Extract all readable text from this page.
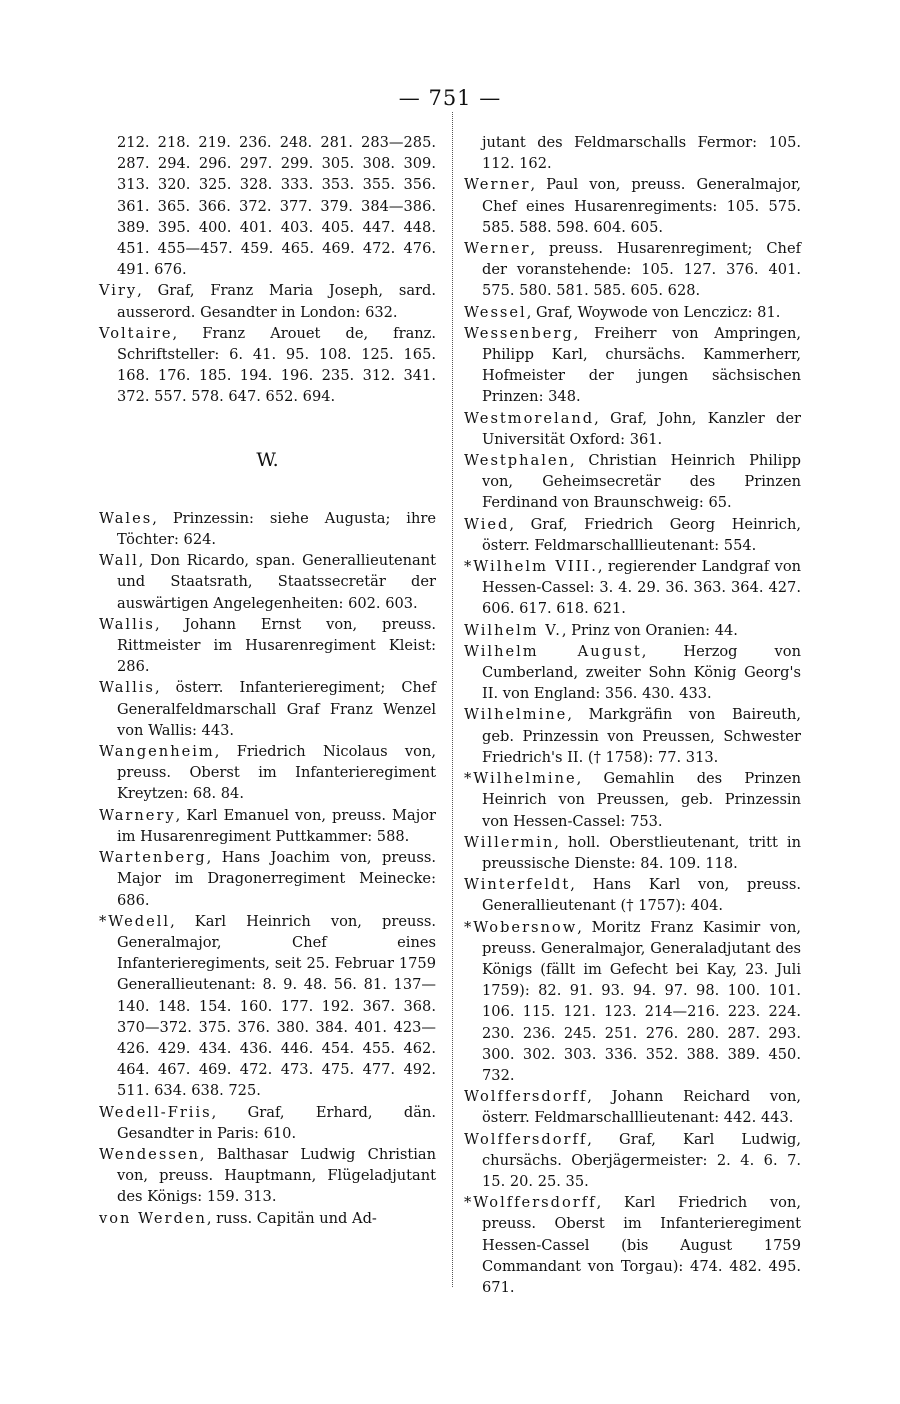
— 751 —
212. 218. 219. 236. 248. 281. 283—285. 287. 294. 296. 297. 299. 305. 308. 309. 313. 320. 325. 328. 333. 353. 355. 356. 361. 365. 366. 372. 377. 379. 384—386. 389. 395. 400. 401. 403. 405. 447. 448. 451. 455—457. 459. 465. 469. 472. 476. 491. 676.
Viry, Graf, Franz Maria Joseph, sard. ausserord. Gesandter in London: 632.
Voltaire, Franz Arouet de, franz. Schriftsteller: 6. 41. 95. 108. 125. 165. 168. 176. 185. 194. 196. 235. 312. 341. 372. 557. 578. 647. 652. 694.
W.
Wales, Prinzessin: siehe Augusta; ihre Töchter: 624.
Wall, Don Ricardo, span. Generallieutenant und Staatsrath, Staatssecretär der auswärtigen Angelegenheiten: 602. 603.
Wallis, Johann Ernst von, preuss. Rittmeister im Husarenregiment Kleist: 286.
Wallis, österr. Infanterieregiment; Chef Generalfeldmarschall Graf Franz Wenzel von Wallis: 443.
Wangenheim, Friedrich Nicolaus von, preuss. Oberst im Infanterieregiment Kreytzen: 68. 84.
Warnery, Karl Emanuel von, preuss. Major im Husarenregiment Puttkammer: 588.
Wartenberg, Hans Joachim von, preuss. Major im Dragonerregiment Meinecke: 686.
*Wedell, Karl Heinrich von, preuss. Generalmajor, Chef eines Infanterieregiments, seit 25. Februar 1759 Generallieutenant: 8. 9. 48. 56. 81. 137—140. 148. 154. 160. 177. 192. 367. 368. 370—372. 375. 376. 380. 384. 401. 423—426. 429. 434. 436. 446. 454. 455. 462. 464. 467. 469. 472. 473. 475. 477. 492. 511. 634. 638. 725.
Wedell-Friis, Graf, Erhard, dän. Gesandter in Paris: 610.
Wendessen, Balthasar Ludwig Christian von, preuss. Hauptmann, Flügeladjutant des Königs: 159. 313.
von Werden, russ. Capitän und Ad-
jutant des Feldmarschalls Fermor: 105. 112. 162.
Werner, Paul von, preuss. Generalmajor, Chef eines Husarenregiments: 105. 575. 585. 588. 598. 604. 605.
Werner, preuss. Husarenregiment; Chef der voranstehende: 105. 127. 376. 401. 575. 580. 581. 585. 605. 628.
Wessel, Graf, Woywode von Lenczicz: 81.
Wessenberg, Freiherr von Ampringen, Philipp Karl, chursächs. Kammerherr, Hofmeister der jungen sächsischen Prinzen: 348.
Westmoreland, Graf, John, Kanzler der Universität Oxford: 361.
Westphalen, Christian Heinrich Philipp von, Geheimsecretär des Prinzen Ferdinand von Braunschweig: 65.
Wied, Graf, Friedrich Georg Heinrich, österr. Feldmarschalllieutenant: 554.
*Wilhelm VIII., regierender Landgraf von Hessen-Cassel: 3. 4. 29. 36. 363. 364. 427. 606. 617. 618. 621.
Wilhelm V., Prinz von Oranien: 44.
Wilhelm August, Herzog von Cumberland, zweiter Sohn König Georg's II. von England: 356. 430. 433.
Wilhelmine, Markgräfin von Baireuth, geb. Prinzessin von Preussen, Schwester Friedrich's II. († 1758): 77. 313.
*Wilhelmine, Gemahlin des Prinzen Heinrich von Preussen, geb. Prinzessin von Hessen-Cassel: 753.
Willermin, holl. Oberstlieutenant, tritt in preussische Dienste: 84. 109. 118.
Winterfeldt, Hans Karl von, preuss. Generallieutenant († 1757): 404.
*Wobersnow, Moritz Franz Kasimir von, preuss. Generalmajor, Generaladjutant des Königs (fällt im Gefecht bei Kay, 23. Juli 1759): 82. 91. 93. 94. 97. 98. 100. 101. 106. 115. 121. 123. 214—216. 223. 224. 230. 236. 245. 251. 276. 280. 287. 293. 300. 302. 303. 336. 352. 388. 389. 450. 732.
Wolffersdorff, Johann Reichard von, österr. Feldmarschalllieutenant: 442. 443.
Wolffersdorff, Graf, Karl Ludwig, chursächs. Oberjägermeister: 2. 4. 6. 7. 15. 20. 25. 35.
*Wolffersdorff, Karl Friedrich von, preuss. Oberst im Infanterieregiment Hessen-Cassel (bis August 1759 Commandant von Torgau): 474. 482. 495. 671.
